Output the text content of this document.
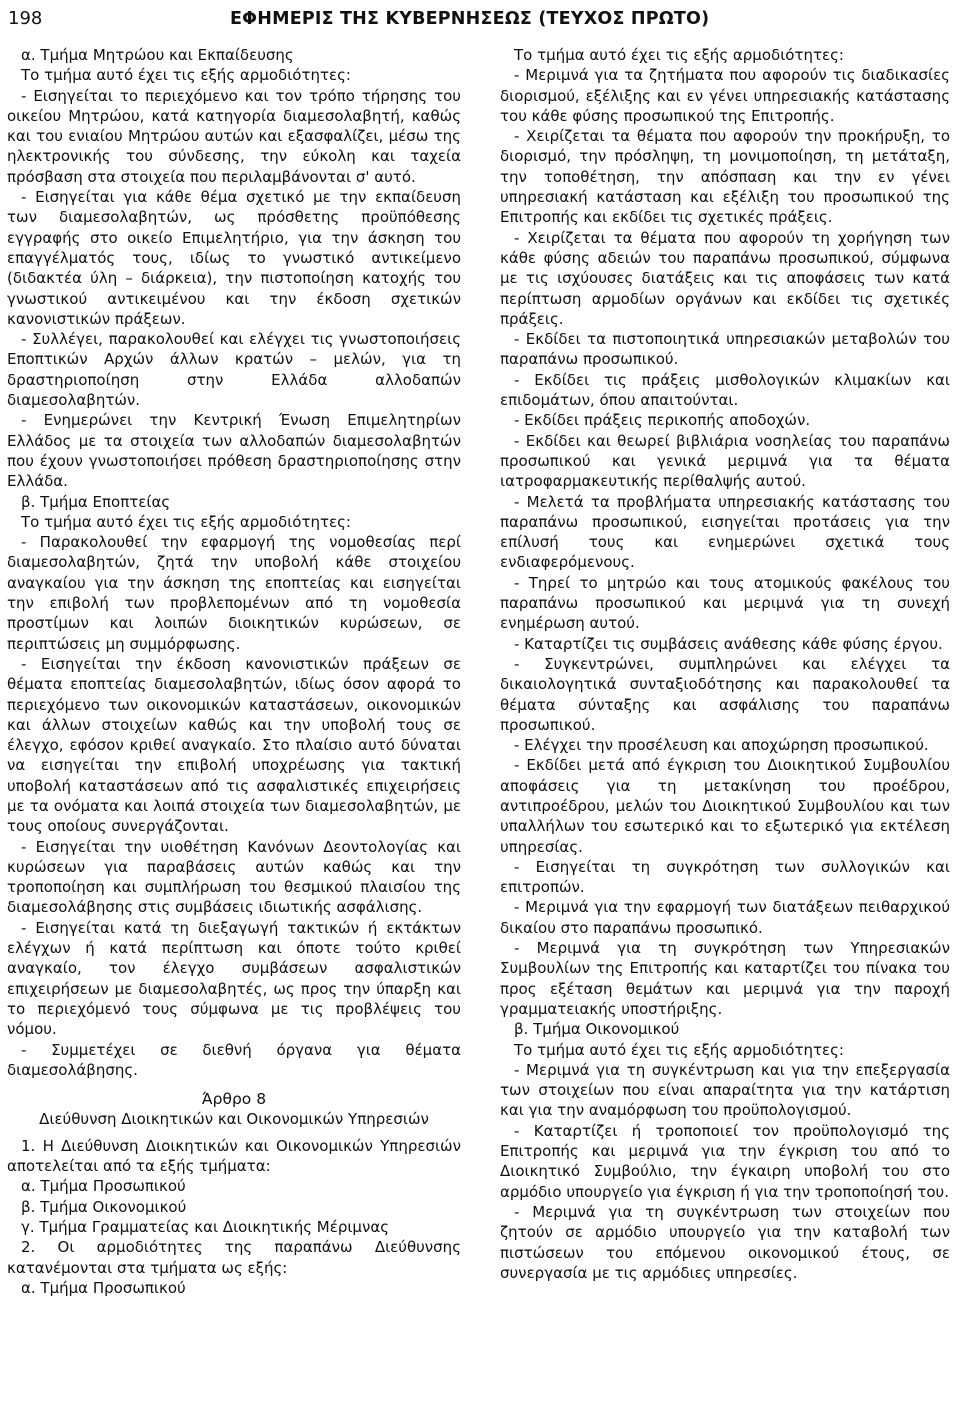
198	ΕΦΗΜΕΡΙΣ ΤΗΣ ΚΥΒΕΡΝΗΣΕΩΣ (ΤΕΥΧΟΣ ΠΡΩΤΟ)

α. Τμήμα Μητρώου και Εκπαίδευσης

Το τμήμα αυτό έχει τις εξής αρμοδιότητες:

- Εισηγείται το περιεχόμενο και τον τρόπο τήρησης του οικείου Μητρώου, κατά κατηγορία διαμεσολαβητή, καθώς και του ενιαίου Μητρώου αυτών και εξασφαλίζει, μέσω της ηλεκτρονικής του σύνδεσης, την εύκολη και ταχεία πρόσβαση στα στοιχεία που περιλαμβάνονται σ' αυτό.

- Εισηγείται για κάθε θέμα σχετικό με την εκπαίδευση των διαμεσολαβητών, ως πρόσθετης προϋπόθεσης εγγραφής στο οικείο Επιμελητήριο, για την άσκηση του επαγγέλματός τους, ιδίως το γνωστικό αντικείμενο (διδακτέα ύλη – διάρκεια), την πιστοποίηση κατοχής του γνωστικού αντικειμένου και την έκδοση σχετικών κανονιστικών πράξεων.

- Συλλέγει, παρακολουθεί και ελέγχει τις γνωστοποιήσεις Εποπτικών Αρχών άλλων κρατών – μελών, για τη δραστηριοποίηση στην Ελλάδα αλλοδαπών διαμεσολαβητών.

- Ενημερώνει την Κεντρική Ένωση Επιμελητηρίων Ελλάδος με τα στοιχεία των αλλοδαπών διαμεσολαβητών που έχουν γνωστοποιήσει πρόθεση δραστηριοποίησης στην Ελλάδα.

β. Τμήμα Εποπτείας

Το τμήμα αυτό έχει τις εξής αρμοδιότητες:

- Παρακολουθεί την εφαρμογή της νομοθεσίας περί διαμεσολαβητών, ζητά την υποβολή κάθε στοιχείου αναγκαίου για την άσκηση της εποπτείας και εισηγείται την επιβολή των προβλεπομένων από τη νομοθεσία προστίμων και λοιπών διοικητικών κυρώσεων, σε περιπτώσεις μη συμμόρφωσης.

- Εισηγείται την έκδοση κανονιστικών πράξεων σε θέματα εποπτείας διαμεσολαβητών, ιδίως όσον αφορά το περιεχόμενο των οικονομικών καταστάσεων, οικονομικών και άλλων στοιχείων καθώς και την υποβολή τους σε έλεγχο, εφόσον κριθεί αναγκαίο. Στο πλαίσιο αυτό δύναται να εισηγείται την επιβολή υποχρέωσης για τακτική υποβολή καταστάσεων από τις ασφαλιστικές επιχειρήσεις με τα ονόματα και λοιπά στοιχεία των διαμεσολαβητών, με τους οποίους συνεργάζονται.

- Εισηγείται την υιοθέτηση Κανόνων Δεοντολογίας και κυρώσεων για παραβάσεις αυτών καθώς και την τροποποίηση και συμπλήρωση του θεσμικού πλαισίου της διαμεσολάβησης στις συμβάσεις ιδιωτικής ασφάλισης.

- Εισηγείται κατά τη διεξαγωγή τακτικών ή εκτάκτων ελέγχων ή κατά περίπτωση και όποτε τούτο κριθεί αναγκαίο, τον έλεγχο συμβάσεων ασφαλιστικών επιχειρήσεων με διαμεσολαβητές, ως προς την ύπαρξη και το περιεχόμενό τους σύμφωνα με τις προβλέψεις του νόμου.

- Συμμετέχει σε διεθνή όργανα για θέματα διαμεσολάβησης.

Άρθρο 8

Διεύθυνση Διοικητικών και Οικονομικών Υπηρεσιών

1. Η Διεύθυνση Διοικητικών και Οικονομικών Υπηρεσιών αποτελείται από τα εξής τμήματα:

α. Τμήμα Προσωπικού

β. Τμήμα Οικονομικού

γ. Τμήμα Γραμματείας και Διοικητικής Μέριμνας

2. Οι αρμοδιότητες της παραπάνω Διεύθυνσης κατανέμονται στα τμήματα ως εξής:

α. Τμήμα Προσωπικού

Το τμήμα αυτό έχει τις εξής αρμοδιότητες:

- Μεριμνά για τα ζητήματα που αφορούν τις διαδικασίες διορισμού, εξέλιξης και εν γένει υπηρεσιακής κατάστασης του κάθε φύσης προσωπικού της Επιτροπής.

- Χειρίζεται τα θέματα που αφορούν την προκήρυξη, το διορισμό, την πρόσληψη, τη μονιμοποίηση, τη μετάταξη, την τοποθέτηση, την απόσπαση και την εν γένει υπηρεσιακή κατάσταση και εξέλιξη του προσωπικού της Επιτροπής και εκδίδει τις σχετικές πράξεις.

- Χειρίζεται τα θέματα που αφορούν τη χορήγηση των κάθε φύσης αδειών του παραπάνω προσωπικού, σύμφωνα με τις ισχύουσες διατάξεις και τις αποφάσεις των κατά περίπτωση αρμοδίων οργάνων και εκδίδει τις σχετικές πράξεις.

- Εκδίδει τα πιστοποιητικά υπηρεσιακών μεταβολών του παραπάνω προσωπικού.

- Εκδίδει τις πράξεις μισθολογικών κλιμακίων και επιδομάτων, όπου απαιτούνται.

- Εκδίδει πράξεις περικοπής αποδοχών.

- Εκδίδει και θεωρεί βιβλιάρια νοσηλείας του παραπάνω προσωπικού και γενικά μεριμνά για τα θέματα ιατροφαρμακευτικής περίθαλψής αυτού.

- Μελετά τα προβλήματα υπηρεσιακής κατάστασης του παραπάνω προσωπικού, εισηγείται προτάσεις για την επίλυσή τους και ενημερώνει σχετικά τους ενδιαφερόμενους.

- Τηρεί το μητρώο και τους ατομικούς φακέλους του παραπάνω προσωπικού και μεριμνά για τη συνεχή ενημέρωση αυτού.

- Καταρτίζει τις συμβάσεις ανάθεσης κάθε φύσης έργου.

- Συγκεντρώνει, συμπληρώνει και ελέγχει τα δικαιολογητικά συνταξιοδότησης και παρακολουθεί τα θέματα σύνταξης και ασφάλισης του παραπάνω προσωπικού.

- Ελέγχει την προσέλευση και αποχώρηση προσωπικού.

- Εκδίδει μετά από έγκριση του Διοικητικού Συμβουλίου αποφάσεις για τη μετακίνηση του προέδρου, αντιπροέδρου, μελών του Διοικητικού Συμβουλίου και των υπαλλήλων του εσωτερικό και το εξωτερικό για εκτέλεση υπηρεσίας.

- Εισηγείται τη συγκρότηση των συλλογικών και επιτροπών.

- Μεριμνά για την εφαρμογή των διατάξεων πειθαρχικού δικαίου στο παραπάνω προσωπικό.

- Μεριμνά για τη συγκρότηση των Υπηρεσιακών Συμβουλίων της Επιτροπής και καταρτίζει του πίνακα του προς εξέταση θεμάτων και μεριμνά για την παροχή γραμματειακής υποστήριξης.

β. Τμήμα Οικονομικού

Το τμήμα αυτό έχει τις εξής αρμοδιότητες:

- Μεριμνά για τη συγκέντρωση και για την επεξεργασία των στοιχείων που είναι απαραίτητα για την κατάρτιση και για την αναμόρφωση του προϋπολογισμού.

- Καταρτίζει ή τροποποιεί τον προϋπολογισμό της Επιτροπής και μεριμνά για την έγκριση του από το Διοικητικό Συμβούλιο, την έγκαιρη υποβολή του στο αρμόδιο υπουργείο για έγκριση ή για την τροποποίησή του.

- Μεριμνά για τη συγκέντρωση των στοιχείων που ζητούν σε αρμόδιο υπουργείο για την καταβολή των πιστώσεων του επόμενου οικονομικού έτους, σε συνεργασία με τις αρμόδιες υπηρεσίες.
